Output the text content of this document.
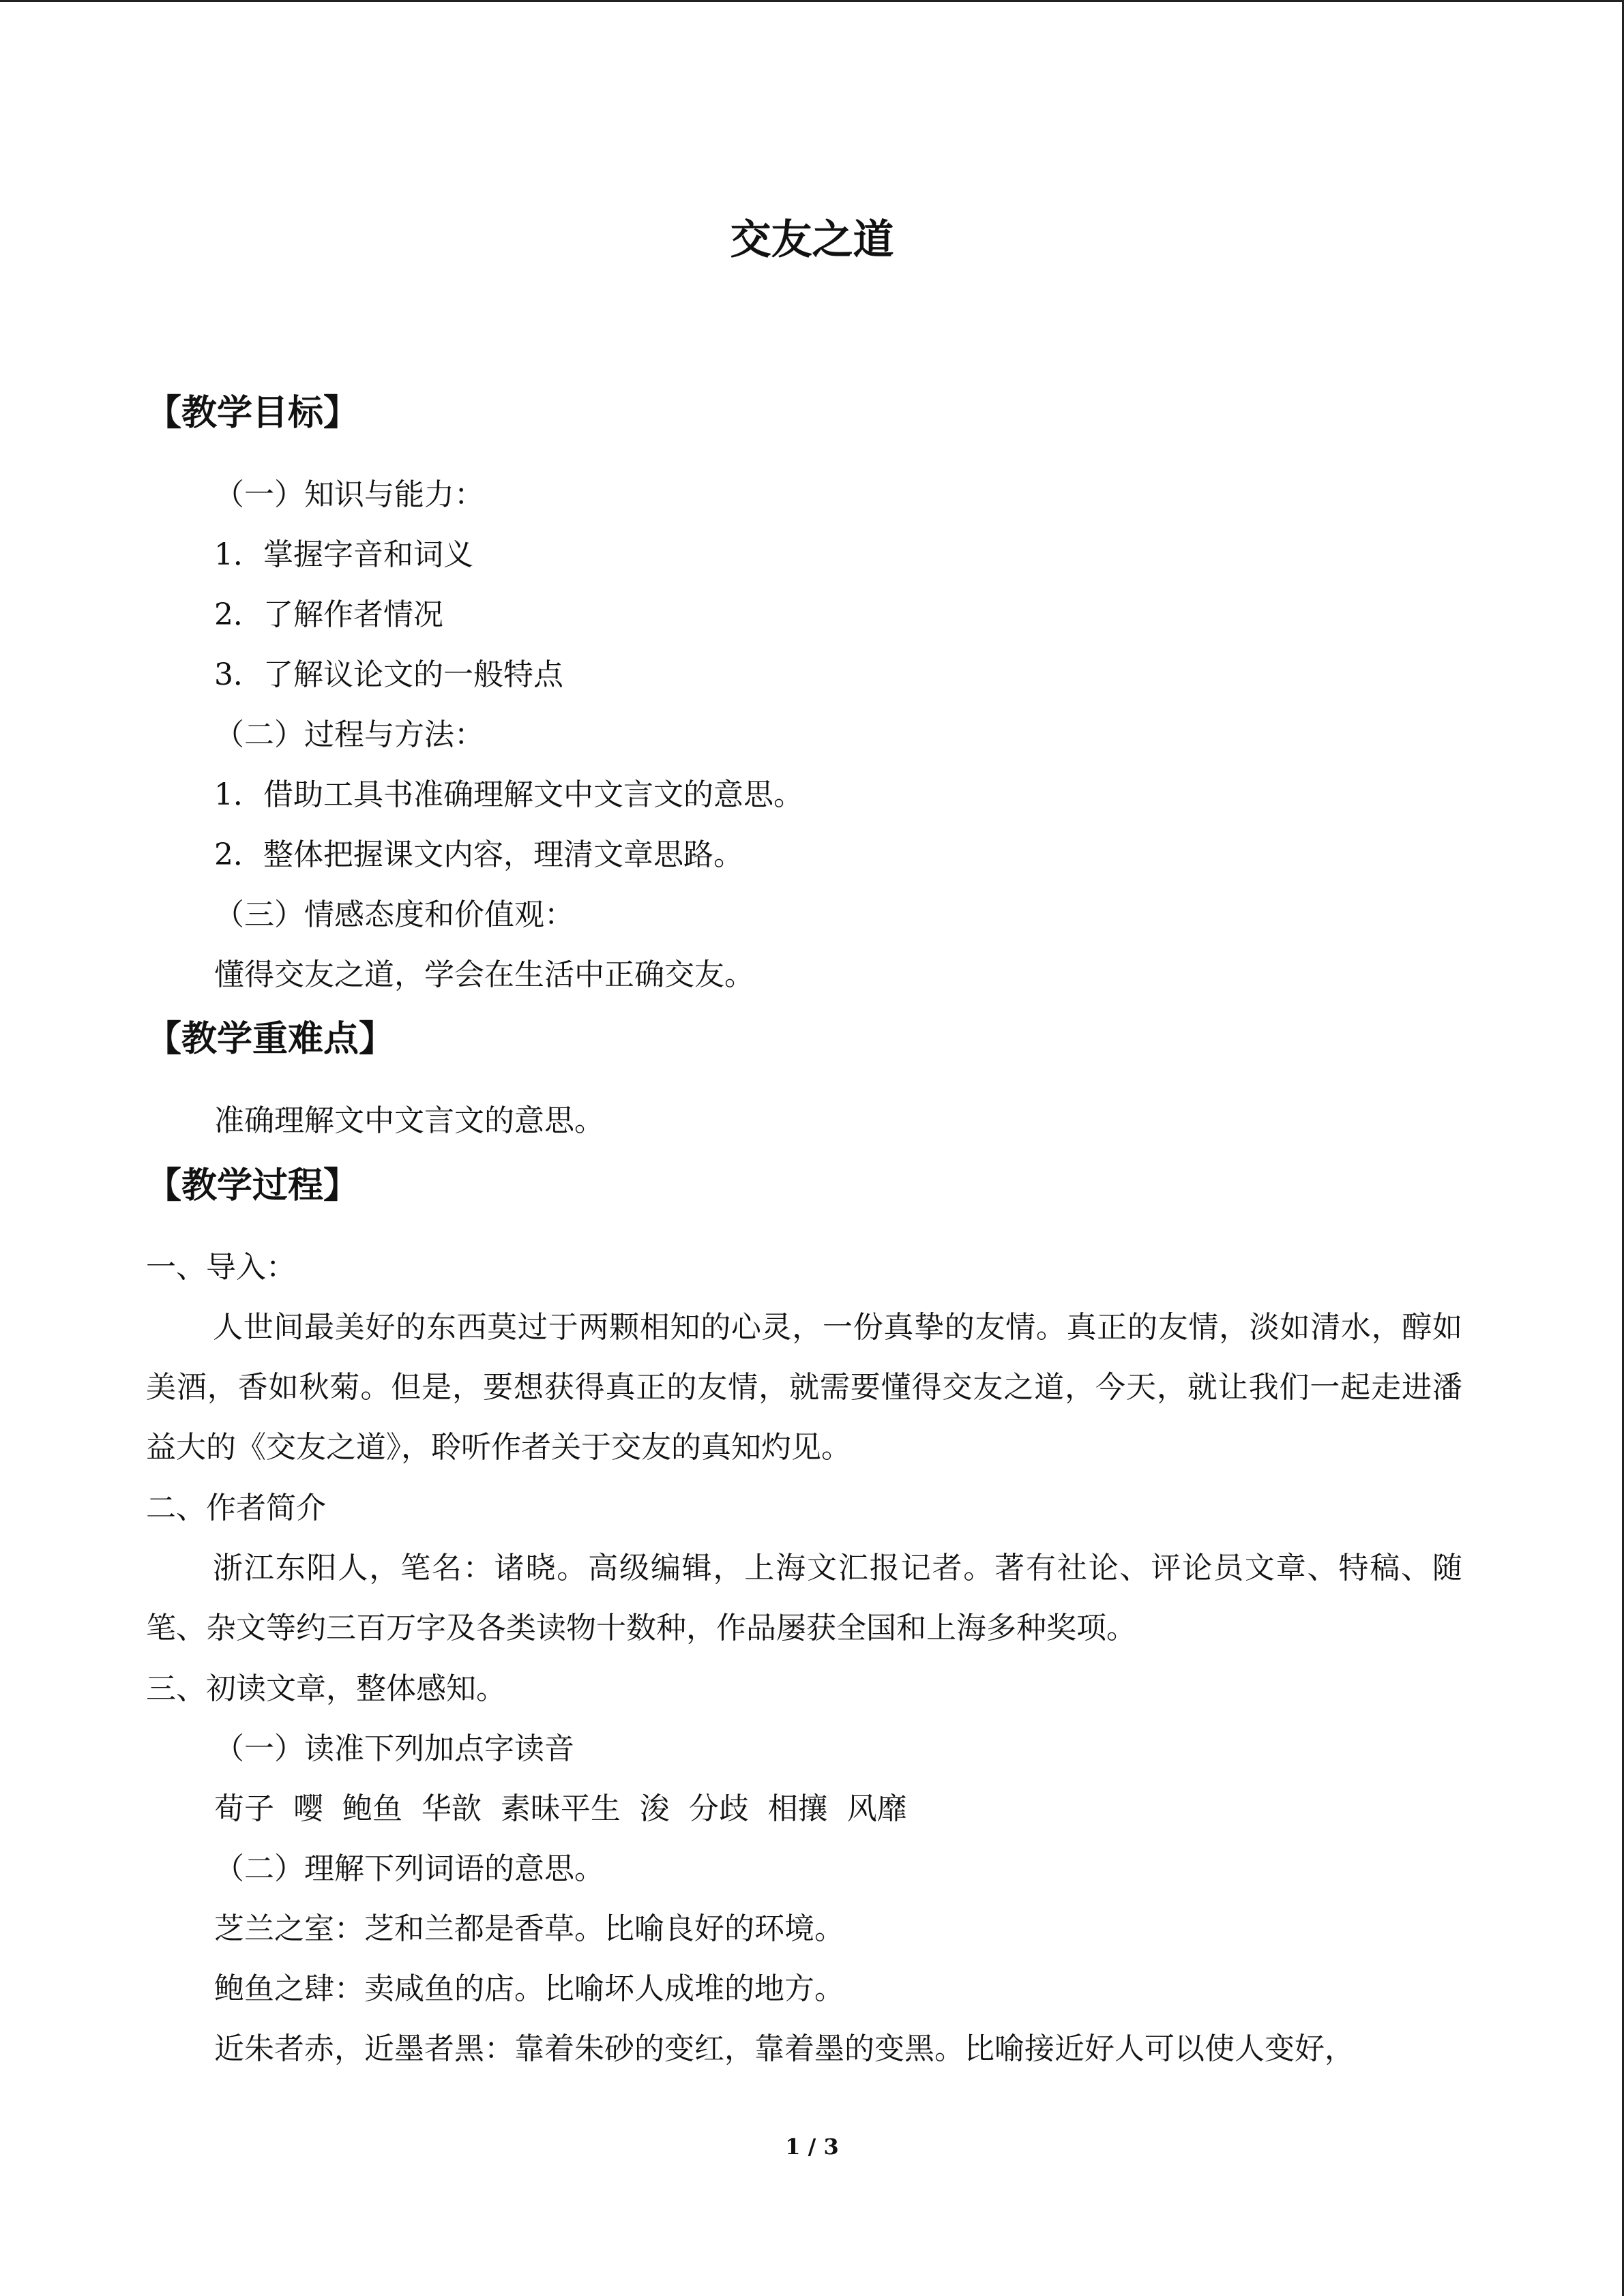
交友之道
【教学目标】
（一）知识与能力：
1．掌握字音和词义
2．了解作者情况
3．了解议论文的一般特点
（二）过程与方法：
1．借助工具书准确理解文中文言文的意思。
2．整体把握课文内容，理清文章思路。
（三）情感态度和价值观：
懂得交友之道，学会在生活中正确交友。
【教学重难点】
准确理解文中文言文的意思。
【教学过程】
一、导入：

人世间最美好的东西莫过于两颗相知的心灵，一份真挚的友情。真正的友情，淡如清水，醇如美酒，香如秋菊。但是，要想获得真正的友情，就需要懂得交友之道，今天，就让我们一起走进潘益大的《交友之道》，聆听作者关于交友的真知灼见。

二、作者简介

浙江东阳人，笔名：诸晓。高级编辑，上海文汇报记者。著有社论、评论员文章、特稿、随笔、杂文等约三百万字及各类读物十数种，作品屡获全国和上海多种奖项。

三、初读文章，整体感知。
（一）读准下列加点字读音
荀子  嘤  鲍鱼  华歆  素昧平生  浚  分歧  相攘  风靡
（二）理解下列词语的意思。
芝兰之室：芝和兰都是香草。比喻良好的环境。
鲍鱼之肆：卖咸鱼的店。比喻坏人成堆的地方。
近朱者赤，近墨者黑：靠着朱砂的变红，靠着墨的变黑。比喻接近好人可以使人变好，
1 / 3
